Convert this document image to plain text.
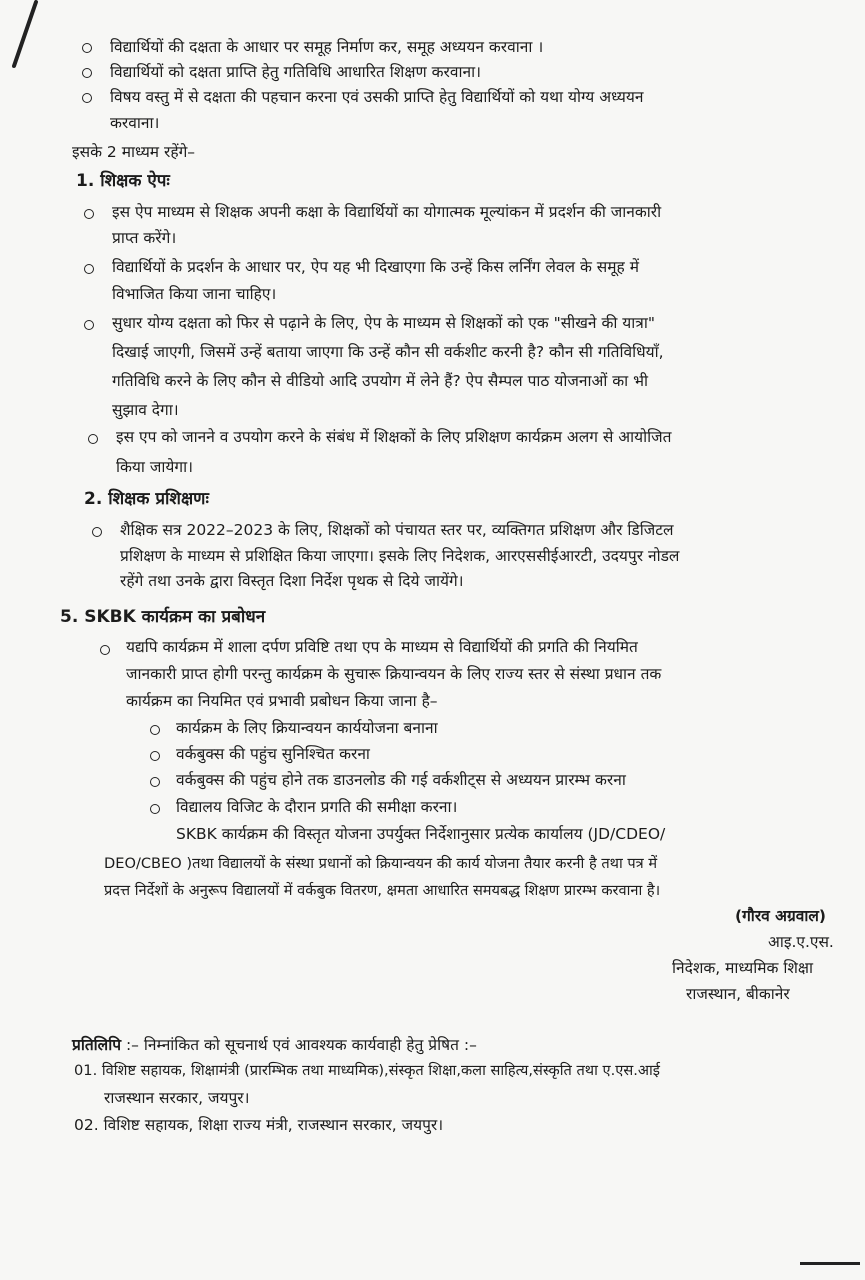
विद्यार्थियों की दक्षता के आधार पर समूह निर्माण कर, समूह अध्ययन करवाना ।

विद्यार्थियों को दक्षता प्राप्ति हेतु गतिविधि आधारित शिक्षण करवाना।

विषय वस्तु में से दक्षता की पहचान करना एवं उसकी प्राप्ति हेतु विद्यार्थियों को यथा योग्य अध्ययन

करवाना।

इसके 2 माध्यम रहेंगे–

1. शिक्षक ऐपः

इस ऐप माध्यम से शिक्षक अपनी कक्षा के विद्यार्थियों का योगात्मक मूल्यांकन में प्रदर्शन की जानकारी

प्राप्त करेंगे।

विद्यार्थियों के प्रदर्शन के आधार पर, ऐप यह भी दिखाएगा कि उन्हें किस लर्निंग लेवल के समूह में

विभाजित किया जाना चाहिए।

सुधार योग्य दक्षता को फिर से पढ़ाने के लिए, ऐप के माध्यम से शिक्षकों को एक "सीखने की यात्रा"

दिखाई जाएगी, जिसमें उन्हें बताया जाएगा कि उन्हें कौन सी वर्कशीट करनी है? कौन सी गतिविधियाँ,

गतिविधि करने के लिए कौन से वीडियो आदि उपयोग में लेने हैं? ऐप सैम्पल पाठ योजनाओं का भी

सुझाव देगा।

इस एप को जानने व उपयोग करने के संबंध में शिक्षकों के लिए प्रशिक्षण कार्यक्रम अलग से आयोजित

किया जायेगा।

2. शिक्षक प्रशिक्षणः

शैक्षिक सत्र 2022–2023 के लिए, शिक्षकों को पंचायत स्तर पर, व्यक्तिगत प्रशिक्षण और डिजिटल

प्रशिक्षण के माध्यम से प्रशिक्षित किया जाएगा। इसके लिए निदेशक, आरएससीईआरटी, उदयपुर नोडल

रहेंगे तथा उनके द्वारा विस्तृत दिशा निर्देश पृथक से दिये जायेंगे।

5. SKBK कार्यक्रम का प्रबोधन

यद्यपि कार्यक्रम में शाला दर्पण प्रविष्टि तथा एप के माध्यम से विद्यार्थियों की प्रगति की नियमित

जानकारी प्राप्त होगी परन्तु कार्यक्रम के सुचारू क्रियान्वयन के लिए राज्य स्तर से संस्था प्रधान तक

कार्यक्रम का नियमित एवं प्रभावी प्रबोधन किया जाना है–

कार्यक्रम के लिए क्रियान्वयन कार्ययोजना बनाना

वर्कबुक्स की पहुंच सुनिश्चित करना

वर्कबुक्स की पहुंच होने तक डाउनलोड की गई वर्कशीट्स से अध्ययन प्रारम्भ करना

विद्यालय विजिट के दौरान प्रगति की समीक्षा करना।

SKBK कार्यक्रम की विस्तृत योजना उपर्युक्त निर्देशानुसार प्रत्येक कार्यालय (JD/CDEO/

DEO/CBEO )तथा विद्यालयों के संस्था प्रधानों को क्रियान्वयन की कार्य योजना तैयार करनी है तथा पत्र में

प्रदत्त निर्देशों के अनुरूप विद्यालयों में वर्कबुक वितरण, क्षमता आधारित समयबद्ध शिक्षण प्रारम्भ करवाना है।

(गौरव अग्रवाल)

आइ.ए.एस.

निदेशक, माध्यमिक शिक्षा

राजस्थान, बीकानेर

प्रतिलिपि :– निम्नांकित को सूचनार्थ एवं आवश्यक कार्यवाही हेतु प्रेषित :–

01. विशिष्ट सहायक, शिक्षामंत्री (प्रारम्भिक तथा माध्यमिक),संस्कृत शिक्षा,कला साहित्य,संस्कृति तथा ए.एस.आई

राजस्थान सरकार, जयपुर।

02. विशिष्ट सहायक, शिक्षा राज्य मंत्री, राजस्थान सरकार, जयपुर।
